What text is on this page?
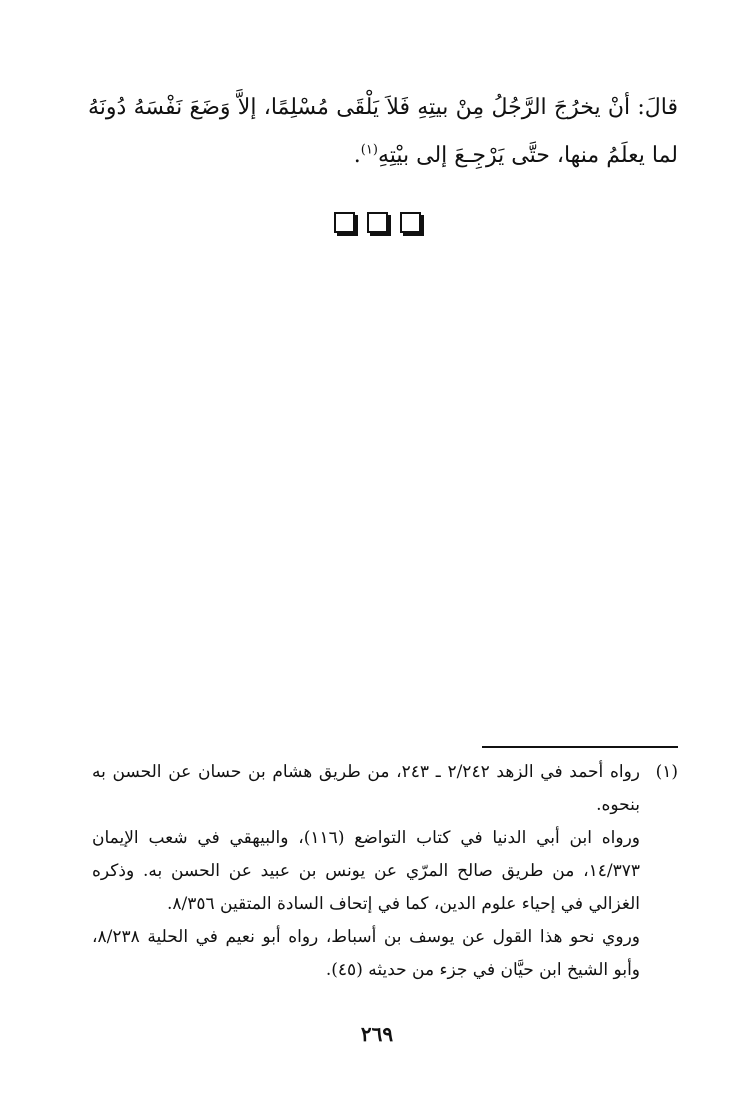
قالَ: أنْ يخرُجَ الرَّجُلُ مِنْ بيتِهِ فَلاَ يَلْقَى مُسْلِمًا، إلاَّ وَضَعَ نَفْسَهُ دُونَهُ لما يعلَمُ منها، حتَّى يَرْجِـعَ إلى بيْتِهِ$^{(١)}$.

(١)

رواه أحمد في الزهد ٢/٢٤٢ ـ ٢٤٣، من طريق هشام بن حسان عن الحسن به بنحوه.

ورواه ابن أبي الدنيا في كتاب التواضع (١١٦)، والبيهقي في شعب الإيمان ١٤/٣٧٣، من طريق صالح المرّي عن يونس بن عبيد عن الحسن به. وذكره الغزالي في إحياء علوم الدين، كما في إتحاف السادة المتقين ٨/٣٥٦.

وروي نحو هذا القول عن يوسف بن أسباط، رواه أبو نعيم في الحلية ٨/٢٣٨، وأبو الشيخ ابن حيَّان في جزء من حديثه (٤٥).

٢٦٩
